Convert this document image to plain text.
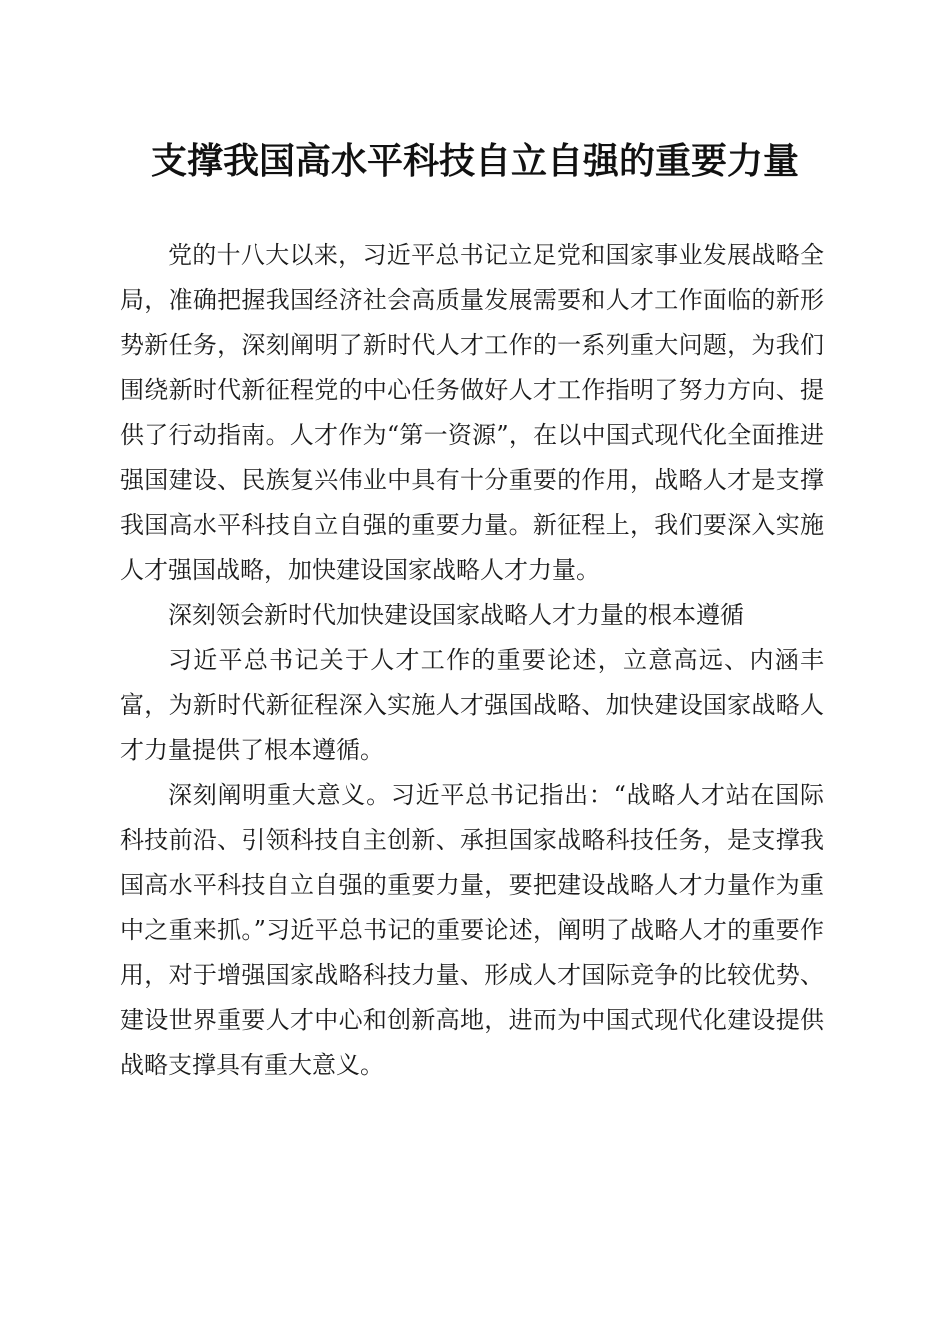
支撑我国高水平科技自立自强的重要力量

党的十八大以来，习近平总书记立足党和国家事业发展战略全局，准确把握我国经济社会高质量发展需要和人才工作面临的新形势新任务，深刻阐明了新时代人才工作的一系列重大问题，为我们围绕新时代新征程党的中心任务做好人才工作指明了努力方向、提供了行动指南。人才作为“第一资源”，在以中国式现代化全面推进强国建设、民族复兴伟业中具有十分重要的作用，战略人才是支撑我国高水平科技自立自强的重要力量。新征程上，我们要深入实施人才强国战略，加快建设国家战略人才力量。

深刻领会新时代加快建设国家战略人才力量的根本遵循

习近平总书记关于人才工作的重要论述，立意高远、内涵丰富，为新时代新征程深入实施人才强国战略、加快建设国家战略人才力量提供了根本遵循。

深刻阐明重大意义。习近平总书记指出：“战略人才站在国际科技前沿、引领科技自主创新、承担国家战略科技任务，是支撑我国高水平科技自立自强的重要力量，要把建设战略人才力量作为重中之重来抓。”习近平总书记的重要论述，阐明了战略人才的重要作用，对于增强国家战略科技力量、形成人才国际竞争的比较优势、建设世界重要人才中心和创新高地，进而为中国式现代化建设提供战略支撑具有重大意义。
